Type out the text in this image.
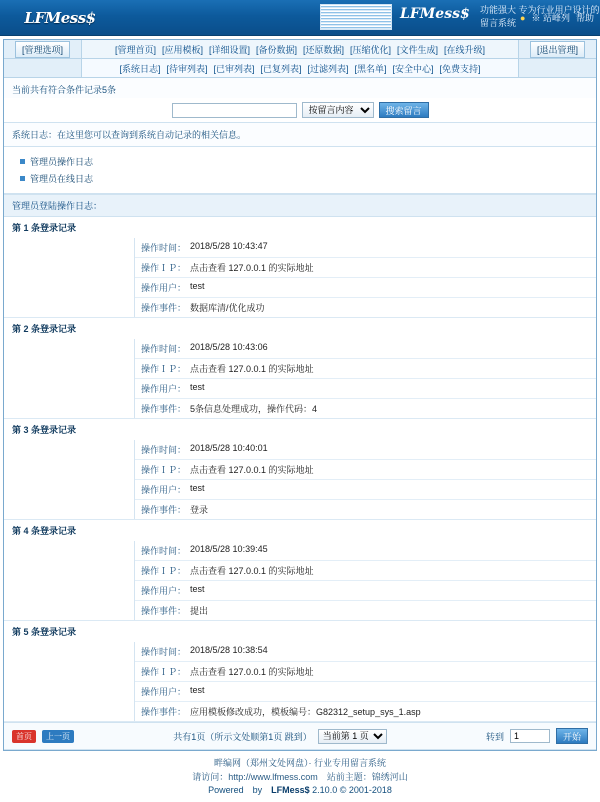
LFMess$	LFMess$ 功能强大 专为行业用户设计的留言系统 ● ※ 站峰列 帮助
[管理选项]	[管理首页] [应用模板] [详细设置] [备份数据] [还原数据] [压缩优化] [文件生成] [在线升级]	[退出管理]
[系统日志] [待审列表] [已审列表] [已复列表] [过滤列表] [黑名单] [安全中心] [免费支持]
当前共有符合条件记录5条
按留言内容
搜索留言
系统日志：在这里您可以查询到系统自动记录的相关信息。
管理员操作日志
管理员在线日志
管理员登陆操作日志：
第 1 条登录记录
操作时间： 2018/5/28 10:43:47
操作ＩＰ： 点击查看 127.0.0.1 的实际地址
操作用户： test
操作事件： 数据库清/优化成功
第 2 条登录记录
操作时间： 2018/5/28 10:43:06
操作ＩＰ： 点击查看 127.0.0.1 的实际地址
操作用户： test
操作事件： 5条信息处理成功，操作代码：4
第 3 条登录记录
操作时间： 2018/5/28 10:40:01
操作ＩＰ： 点击查看 127.0.0.1 的实际地址
操作用户： test
操作事件： 登录
第 4 条登录记录
操作时间： 2018/5/28 10:39:45
操作ＩＰ： 点击查看 127.0.0.1 的实际地址
操作用户： test
操作事件： 提出
第 5 条登录记录
操作时间： 2018/5/28 10:38:54
操作ＩＰ： 点击查看 127.0.0.1 的实际地址
操作用户： test
操作事件： 应用模板修改成功，模板编号：G82312_setup_sys_1.asp
首页	上一页	共有1页（所示文处顺第1页 跳到）
当前第 1 页	转到
1	开始
畔编网（郑州文处网盘）· 行业专用留言系统
请访问：http://www.lfmess.com　站前主题：锦绣河山
Powered　by　LFMess$ 2.10.0 © 2001-2018
